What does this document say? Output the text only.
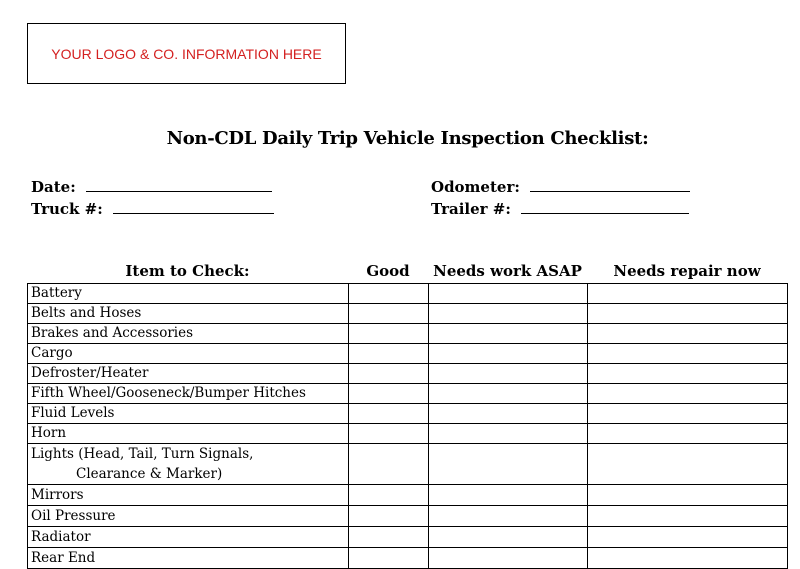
YOUR LOGO & CO. INFORMATION HERE
Non-CDL Daily Trip Vehicle Inspection Checklist:
Date:
Truck #:
Odometer:
Trailer #:
Item to Check:	Good	Needs work ASAP	Needs repair now
Battery			
Belts and Hoses			
Brakes and Accessories			
Cargo			
Defroster/Heater			
Fifth Wheel/Gooseneck/Bumper Hitches			
Fluid Levels			
Horn			
Lights (Head, Tail, Turn Signals,			
Clearance & Marker)			
Mirrors			
Oil Pressure			
Radiator			
Rear End			
